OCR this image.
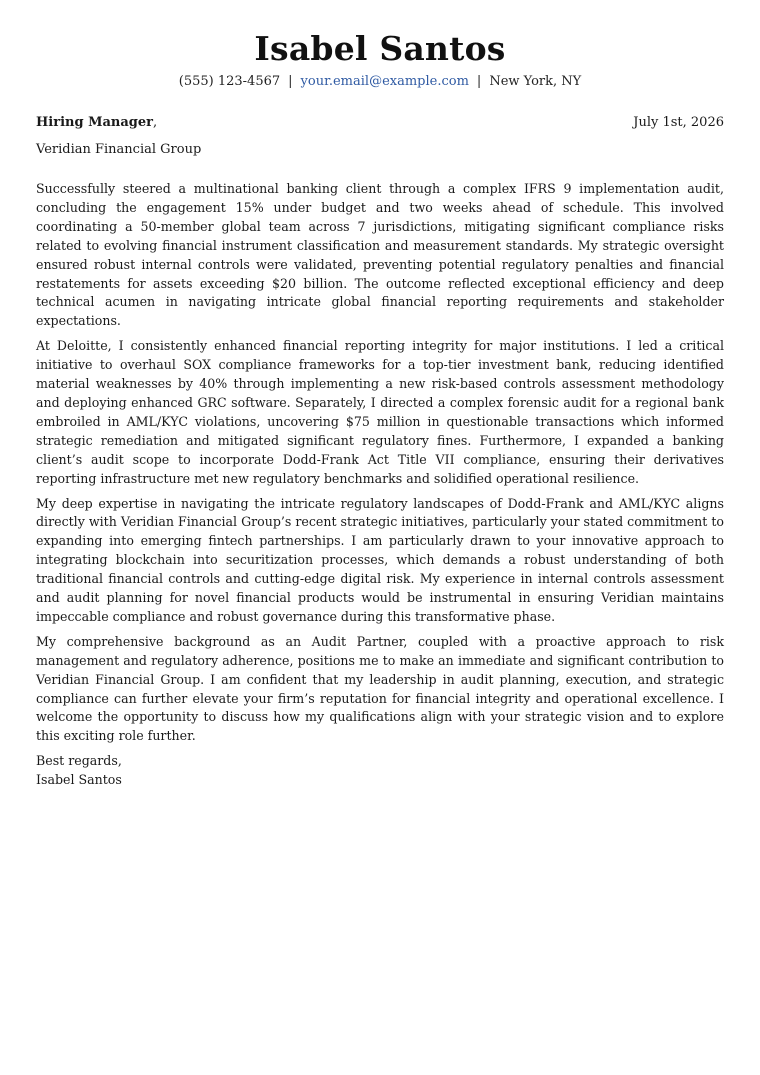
Isabel Santos
(555) 123-4567 | your.email@example.com | New York, NY
Hiring Manager,	July 1st, 2026
Veridian Financial Group

Successfully steered a multinational banking client through a complex IFRS 9 implementation audit, concluding the engagement 15% under budget and two weeks ahead of schedule. This involved coordinating a 50-member global team across 7 jurisdictions, mitigating significant compliance risks related to evolving financial instrument classification and measurement standards. My strategic oversight ensured robust internal controls were validated, preventing potential regulatory penalties and financial restatements for assets exceeding $20 billion. The outcome reflected exceptional efficiency and deep technical acumen in navigating intricate global financial reporting requirements and stakeholder expectations.

At Deloitte, I consistently enhanced financial reporting integrity for major institutions. I led a critical initiative to overhaul SOX compliance frameworks for a top-tier investment bank, reducing identified material weaknesses by 40% through implementing a new risk-based controls assessment methodology and deploying enhanced GRC software. Separately, I directed a complex forensic audit for a regional bank embroiled in AML/KYC violations, uncovering $75 million in questionable transactions which informed strategic remediation and mitigated significant regulatory fines. Furthermore, I expanded a banking client’s audit scope to incorporate Dodd-Frank Act Title VII compliance, ensuring their derivatives reporting infrastructure met new regulatory benchmarks and solidified operational resilience.

My deep expertise in navigating the intricate regulatory landscapes of Dodd-Frank and AML/KYC aligns directly with Veridian Financial Group’s recent strategic initiatives, particularly your stated commitment to expanding into emerging fintech partnerships. I am particularly drawn to your innovative approach to integrating blockchain into securitization processes, which demands a robust understanding of both traditional financial controls and cutting-edge digital risk. My experience in internal controls assessment and audit planning for novel financial products would be instrumental in ensuring Veridian maintains impeccable compliance and robust governance during this transformative phase.

My comprehensive background as an Audit Partner, coupled with a proactive approach to risk management and regulatory adherence, positions me to make an immediate and significant contribution to Veridian Financial Group. I am confident that my leadership in audit planning, execution, and strategic compliance can further elevate your firm’s reputation for financial integrity and operational excellence. I welcome the opportunity to discuss how my qualifications align with your strategic vision and to explore this exciting role further.

Best regards,
Isabel Santos
